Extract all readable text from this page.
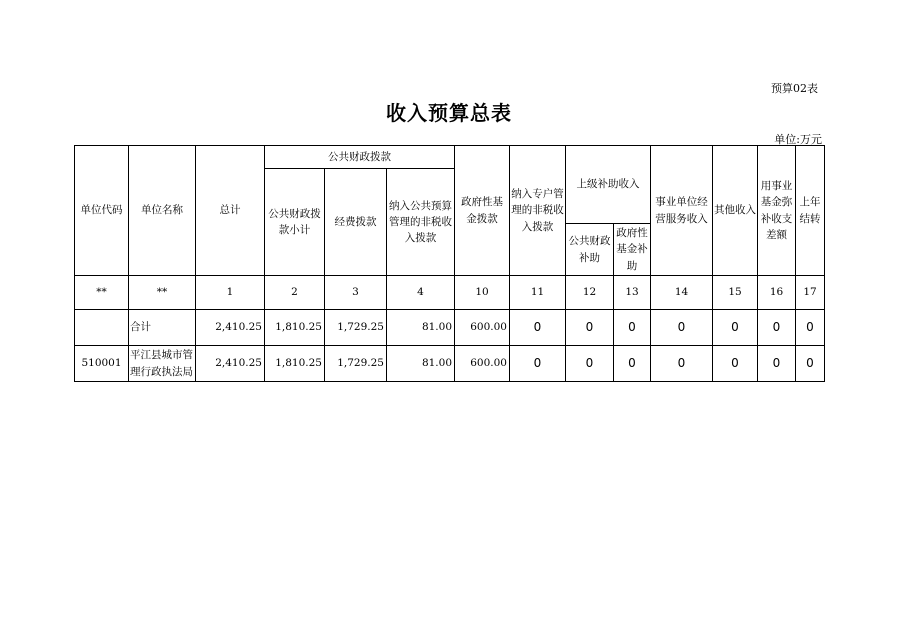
预算02表
收入预算总表
单位:万元
单位代码	单位名称	总计	公共财政拨款			政府性基金拨款	纳入专户管理的非税收入拨款	上级补助收入		事业单位经营服务收入	其他收入	用事业基金弥补收支差额	上年结转
			公共财政拨款小计	经费拨款	纳入公共预算管理的非税收入拨款								
								公共财政补助	政府性基金补助				
**	**	1	2	3	4	10	11	12	13	14	15	16	17
	合计	2,410.25	1,810.25	1,729.25	81.00	600.00	0	0	0	0	0	0	0
510001	平江县城市管理行政执法局	2,410.25	1,810.25	1,729.25	81.00	600.00	0	0	0	0	0	0	0
